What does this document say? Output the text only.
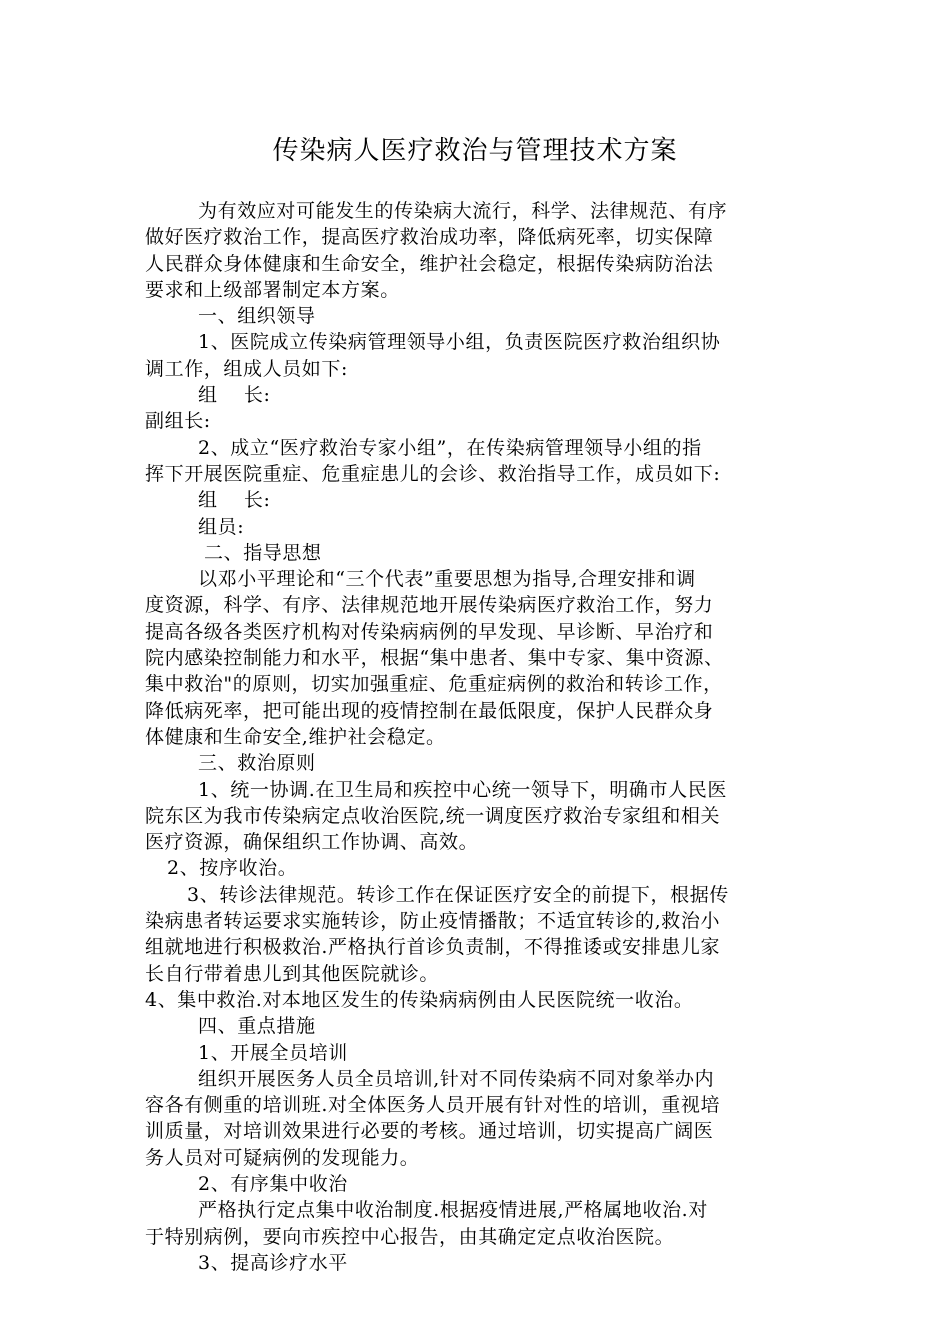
传染病人医疗救治与管理技术方案
为有效应对可能发生的传染病大流行，科学、法律规范、有序
做好医疗救治工作，提高医疗救治成功率，降低病死率，切实保障
人民群众身体健康和生命安全，维护社会稳定，根据传染病防治法
要求和上级部署制定本方案。
一、组织领导
1、医院成立传染病管理领导小组，负责医院医疗救治组织协
调工作，组成人员如下:
组　 长:
副组长:
2、成立“医疗救治专家小组”，在传染病管理领导小组的指
挥下开展医院重症、危重症患儿的会诊、救治指导工作，成员如下:
组　 长:
组员:
二、指导思想
以邓小平理论和“三个代表”重要思想为指导,合理安排和调
度资源，科学、有序、法律规范地开展传染病医疗救治工作，努力
提高各级各类医疗机构对传染病病例的早发现、早诊断、早治疗和
院内感染控制能力和水平，根据“集中患者、集中专家、集中资源、
集中救治"的原则，切实加强重症、危重症病例的救治和转诊工作，
降低病死率，把可能出现的疫情控制在最低限度，保护人民群众身
体健康和生命安全,维护社会稳定。
三、救治原则
1、统一协调.在卫生局和疾控中心统一领导下，明确市人民医
院东区为我市传染病定点收治医院,统一调度医疗救治专家组和相关
医疗资源，确保组织工作协调、高效。
2、按序收治。
3、转诊法律规范。转诊工作在保证医疗安全的前提下，根据传
染病患者转运要求实施转诊，防止疫情播散；不适宜转诊的,救治小
组就地进行积极救治.严格执行首诊负责制，不得推诿或安排患儿家
长自行带着患儿到其他医院就诊。
4、集中救治.对本地区发生的传染病病例由人民医院统一收治。
四、重点措施
1、开展全员培训
组织开展医务人员全员培训,针对不同传染病不同对象举办内
容各有侧重的培训班.对全体医务人员开展有针对性的培训，重视培
训质量，对培训效果进行必要的考核。通过培训，切实提高广阔医
务人员对可疑病例的发现能力。
2、有序集中收治
严格执行定点集中收治制度.根据疫情进展,严格属地收治.对
于特别病例，要向市疾控中心报告，由其确定定点收治医院。
3、提高诊疗水平
